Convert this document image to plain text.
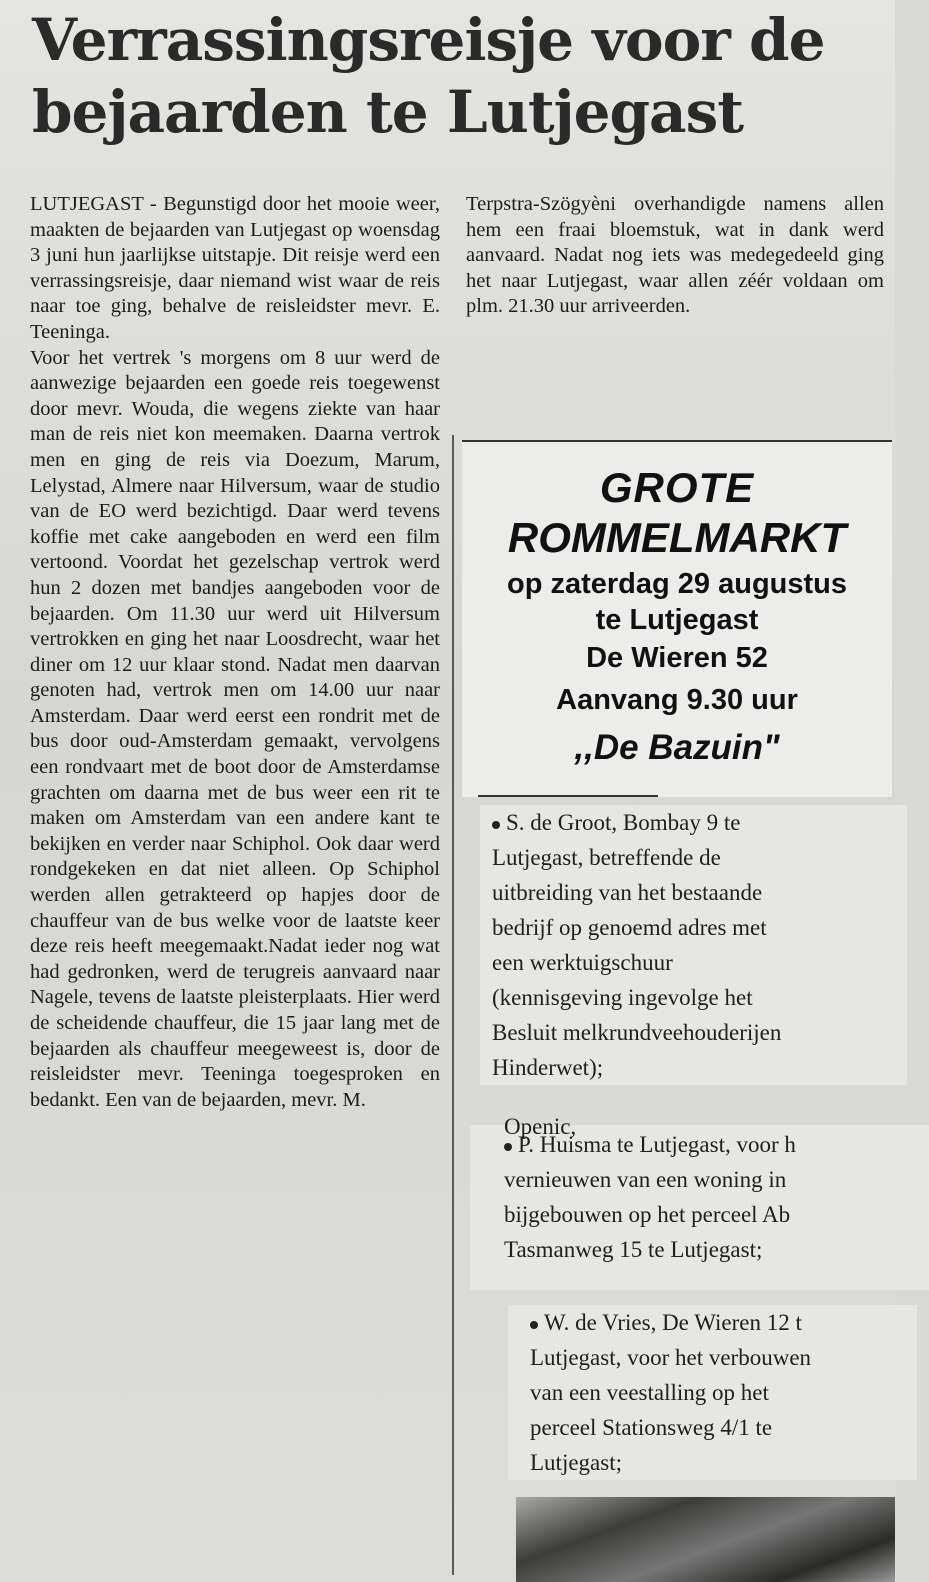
Verrassingsreisje voor de
bejaarden te Lutjegast

LUTJEGAST - Begunstigd door het mooie weer, maakten de bejaarden van Lutjegast op woensdag 3 juni hun jaarlijkse uitstapje. Dit reisje werd een verrassingsreisje, daar niemand wist waar de reis naar toe ging, behalve de reisleidster mevr. E. Teeninga.

Voor het vertrek 's morgens om 8 uur werd de aanwezige bejaarden een goede reis toegewenst door mevr. Wouda, die wegens ziekte van haar man de reis niet kon meemaken. Daarna vertrok men en ging de reis via Doezum, Marum, Lelystad, Almere naar Hilversum, waar de studio van de EO werd bezichtigd. Daar werd tevens koffie met cake aangeboden en werd een film vertoond. Voordat het gezelschap vertrok werd hun 2 dozen met bandjes aangeboden voor de bejaarden. Om 11.30 uur werd uit Hilversum vertrokken en ging het naar Loosdrecht, waar het diner om 12 uur klaar stond. Nadat men daarvan genoten had, vertrok men om 14.00 uur naar Amsterdam. Daar werd eerst een rondrit met de bus door oud-Amsterdam gemaakt, vervolgens een rondvaart met de boot door de Amsterdamse grachten om daarna met de bus weer een rit te maken om Amsterdam van een andere kant te bekijken en verder naar Schiphol. Ook daar werd rondgekeken en dat niet alleen. Op Schiphol werden allen getrakteerd op hapjes door de chauffeur van de bus welke voor de laatste keer deze reis heeft meegemaakt.Nadat ieder nog wat had gedronken, werd de terugreis aanvaard naar Nagele, tevens de laatste pleisterplaats. Hier werd de scheidende chauffeur, die 15 jaar lang met de bejaarden als chauffeur meegeweest is, door de reisleidster mevr. Teeninga toegesproken en bedankt. Een van de bejaarden, mevr. M.

Terpstra-Szögyèni overhandigde namens allen hem een fraai bloemstuk, wat in dank werd aanvaard. Nadat nog iets was medegedeeld ging het naar Lutjegast, waar allen zéér voldaan om plm. 21.30 uur arriveerden.

GROTE
ROMMELMARKT
op zaterdag 29 augustus
te Lutjegast
De Wieren 52
Aanvang 9.30 uur
,,De Bazuin"

S. de Groot, Bombay 9 te

Lutjegast, betreffende de

uitbreiding van het bestaande

bedrijf op genoemd adres met

een werktuigschuur

(kennisgeving ingevolge het

Besluit melkrundveehouderijen

Hinderwet);

Openic,

P. Huisma te Lutjegast, voor h

vernieuwen van een woning in

bijgebouwen op het perceel Ab

Tasmanweg 15 te Lutjegast;

W. de Vries, De Wieren 12 t

Lutjegast, voor het verbouwen

van een veestalling op het

perceel Stationsweg 4/1 te

Lutjegast;
